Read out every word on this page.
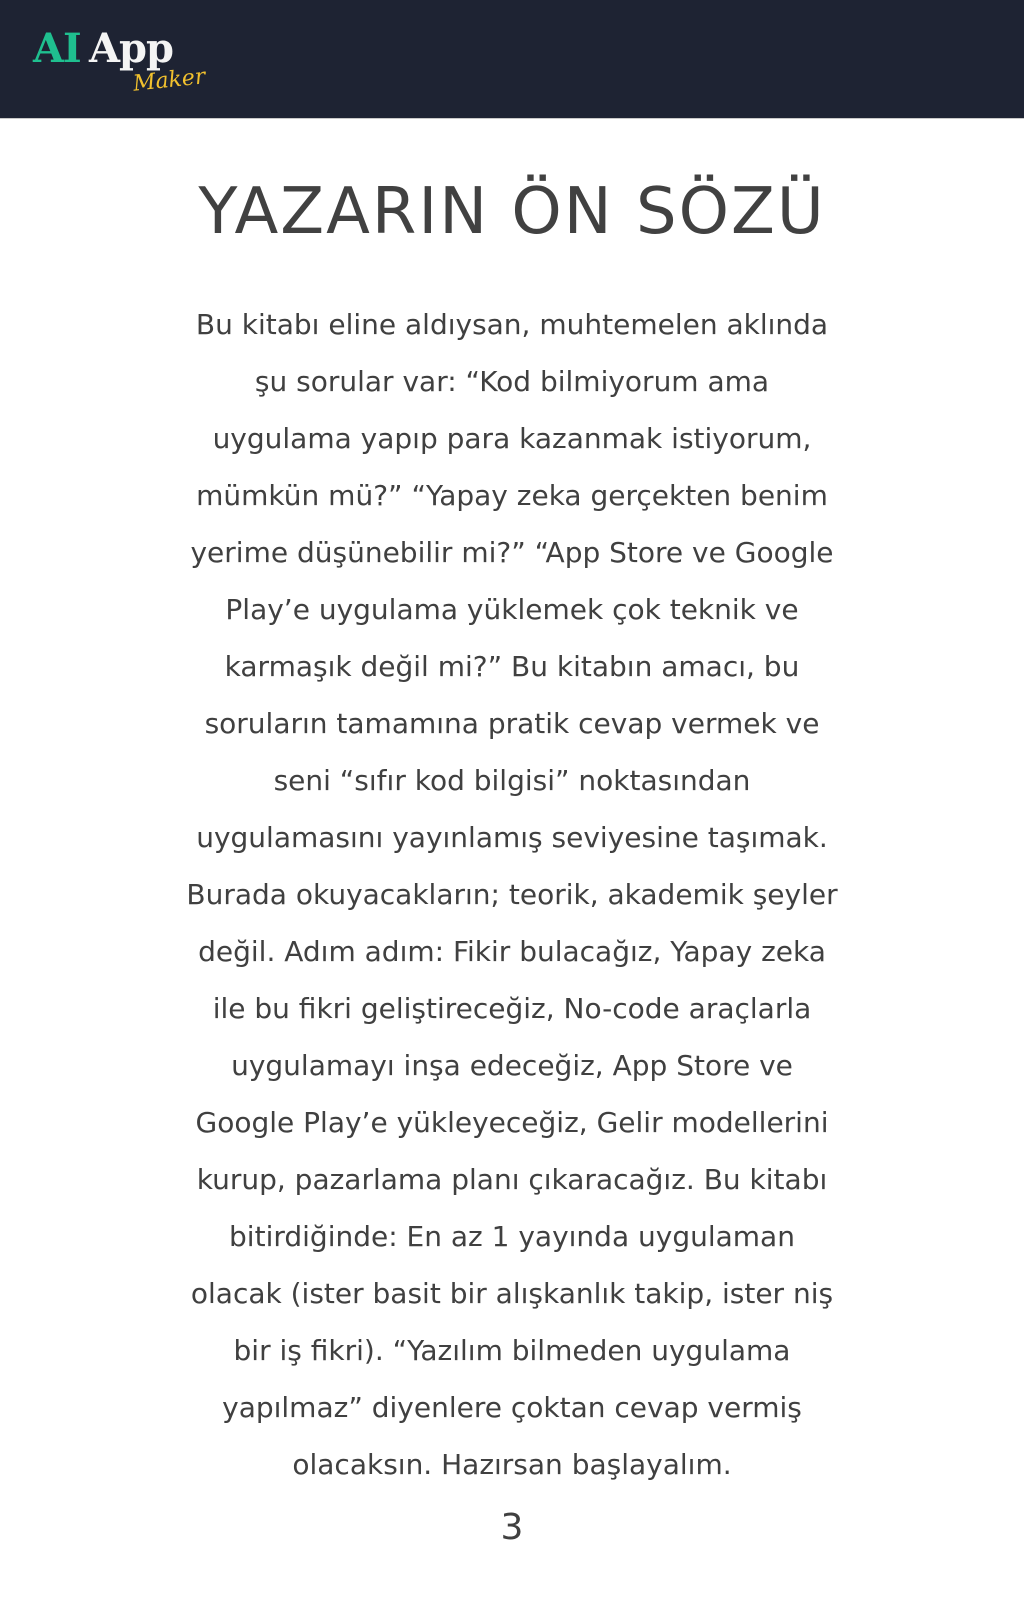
AI App
Maker
YAZARIN ÖN SÖZÜ

Bu kitabı eline aldıysan, muhtemelen aklında
şu sorular var: “Kod bilmiyorum ama
uygulama yapıp para kazanmak istiyorum,
mümkün mü?” “Yapay zeka gerçekten benim
yerime düşünebilir mi?” “App Store ve Google
Play’e uygulama yüklemek çok teknik ve
karmaşık değil mi?” Bu kitabın amacı, bu
soruların tamamına pratik cevap vermek ve
seni “sıfır kod bilgisi” noktasından
uygulamasını yayınlamış seviyesine taşımak.
Burada okuyacakların; teorik, akademik şeyler
değil. Adım adım: Fikir bulacağız, Yapay zeka
ile bu fikri geliştireceğiz, No-code araçlarla
uygulamayı inşa edeceğiz, App Store ve
Google Play’e yükleyeceğiz, Gelir modellerini
kurup, pazarlama planı çıkaracağız. Bu kitabı
bitirdiğinde: En az 1 yayında uygulaman
olacak (ister basit bir alışkanlık takip, ister niş
bir iş fikri). “Yazılım bilmeden uygulama
yapılmaz” diyenlere çoktan cevap vermiş
olacaksın. Hazırsan başlayalım.

3
